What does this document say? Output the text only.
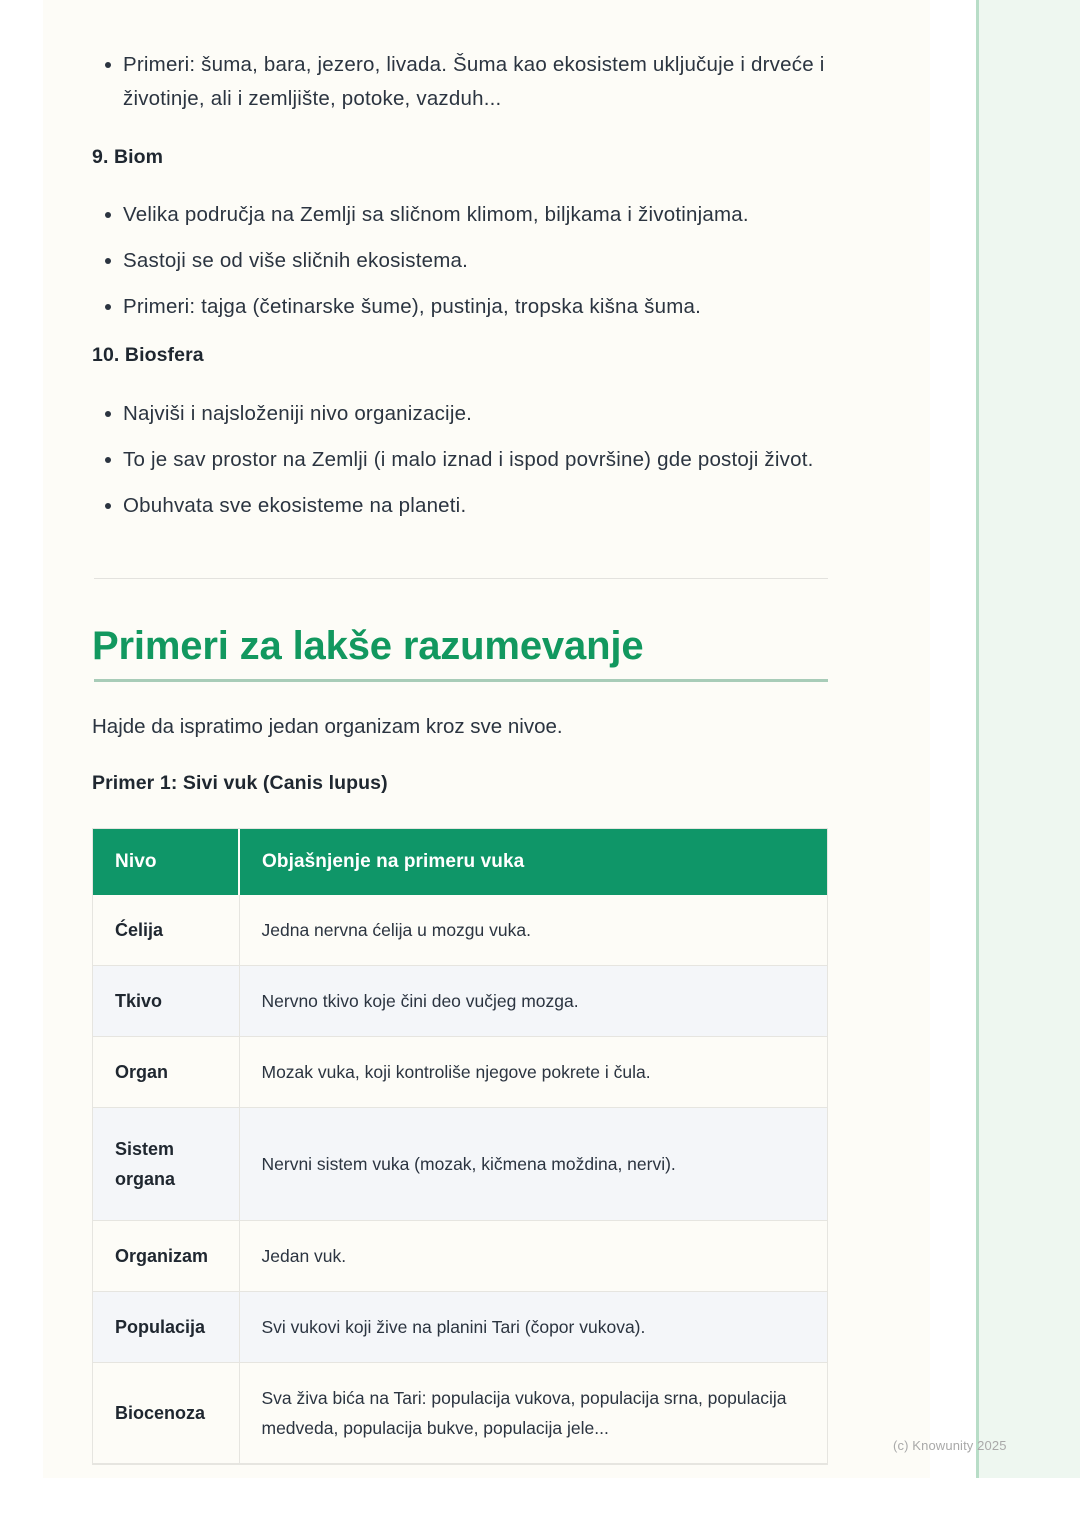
Primeri: šuma, bara, jezero, livada. Šuma kao ekosistem uključuje i drveće i životinje, ali i zemljište, potoke, vazduh...
9. Biom
Velika područja na Zemlji sa sličnom klimom, biljkama i životinjama.
Sastoji se od više sličnih ekosistema.
Primeri: tajga (četinarske šume), pustinja, tropska kišna šuma.
10. Biosfera
Najviši i najsloženiji nivo organizacije.
To je sav prostor na Zemlji (i malo iznad i ispod površine) gde postoji život.
Obuhvata sve ekosisteme na planeti.
Primeri za lakše razumevanje
Hajde da ispratimo jedan organizam kroz sve nivoe.
Primer 1: Sivi vuk (Canis lupus)
Nivo	Objašnjenje na primeru vuka
Ćelija	Jedna nervna ćelija u mozgu vuka.
Tkivo	Nervno tkivo koje čini deo vučjeg mozga.
Organ	Mozak vuka, koji kontroliše njegove pokrete i čula.
Sistem organa	Nervni sistem vuka (mozak, kičmena moždina, nervi).
Organizam	Jedan vuk.
Populacija	Svi vukovi koji žive na planini Tari (čopor vukova).
Biocenoza	Sva živa bića na Tari: populacija vukova, populacija srna, populacija medveda, populacija bukve, populacija jele...
(c) Knowunity 2025
